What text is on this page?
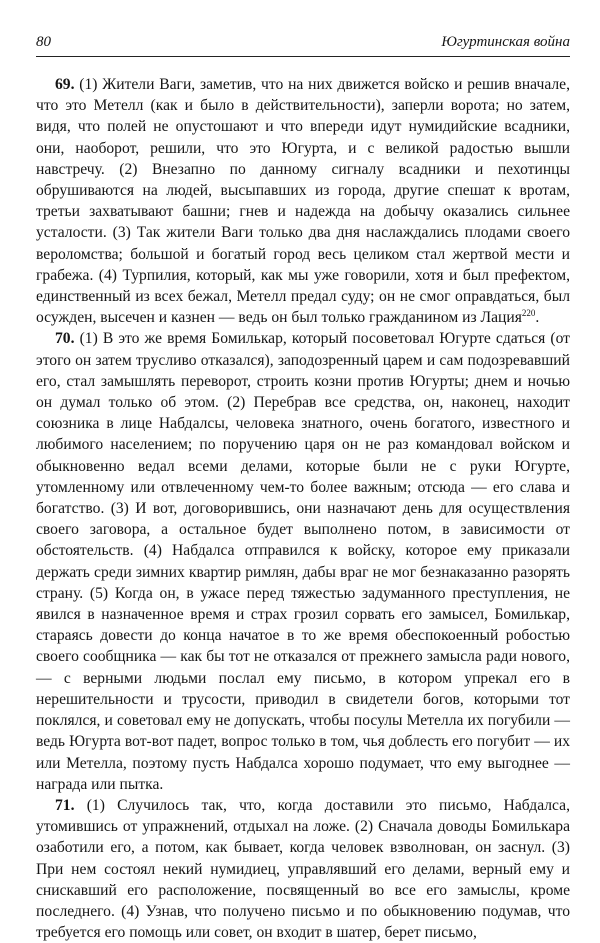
80	Югуртинская война

69. (1) Жители Ваги, заметив, что на них движется войско и решив вначале, что это Метелл (как и было в действительности), заперли ворота; но затем, видя, что полей не опустошают и что впереди идут нумидийские всадники, они, наоборот, решили, что это Югурта, и с великой радостью вышли навстречу. (2) Внезапно по данному сигналу всадники и пехотинцы обрушиваются на людей, высыпавших из города, другие спешат к вротам, третьи захватывают башни; гнев и надежда на добычу оказались сильнее усталости. (3) Так жители Ваги только два дня наслаждались плодами своего вероломства; большой и богатый город весь целиком стал жертвой мести и грабежа. (4) Турпилия, который, как мы уже говорили, хотя и был префектом, единственный из всех бежал, Метелл предал суду; он не смог оправдаться, был осужден, высечен и казнен — ведь он был только гражданином из Лация$^{220}$.

70. (1) В это же время Бомилькар, который посоветовал Югурте сдаться (от этого он затем трусливо отказался), заподозренный царем и сам подозревавший его, стал замышлять переворот, строить козни против Югурты; днем и ночью он думал только об этом. (2) Перебрав все средства, он, наконец, находит союзника в лице Набдалсы, человека знатного, очень богатого, известного и любимого населением; по поручению царя он не раз командовал войском и обыкновенно ведал всеми делами, которые были не с руки Югурте, утомленному или отвлеченному чем-то более важным; отсюда — его слава и богатство. (3) И вот, договорившись, они назначают день для осуществления своего заговора, а остальное будет выполнено потом, в зависимости от обстоятельств. (4) Набдалса отправился к войску, которое ему приказали держать среди зимних квартир римлян, дабы враг не мог безнаказанно разорять страну. (5) Когда он, в ужасе перед тяжестью задуманного преступления, не явился в назначенное время и страх грозил сорвать его замысел, Бомилькар, стараясь довести до конца начатое в то же время обеспокоенный робостью своего сообщника — как бы тот не отказался от прежнего замысла ради нового, — с верными людьми послал ему письмо, в котором упрекал его в нерешительности и трусости, приводил в свидетели богов, которыми тот поклялся, и советовал ему не допускать, чтобы посулы Метелла их погубили — ведь Югурта вот-вот падет, вопрос только в том, чья доблесть его погубит — их или Метелла, поэтому пусть Набдалса хорошо подумает, что ему выгоднее — награда или пытка.

71. (1) Случилось так, что, когда доставили это письмо, Набдалса, утомившись от упражнений, отдыхал на ложе. (2) Сначала доводы Бомилькара озаботили его, а потом, как бывает, когда человек взволнован, он заснул. (3) При нем состоял некий нумидиец, управлявший его делами, верный ему и снискавший его расположение, посвященный во все его замыслы, кроме последнего. (4) Узнав, что получено письмо и по обыкновению подумав, что требуется его помощь или совет, он входит в шатер, берет письмо,
